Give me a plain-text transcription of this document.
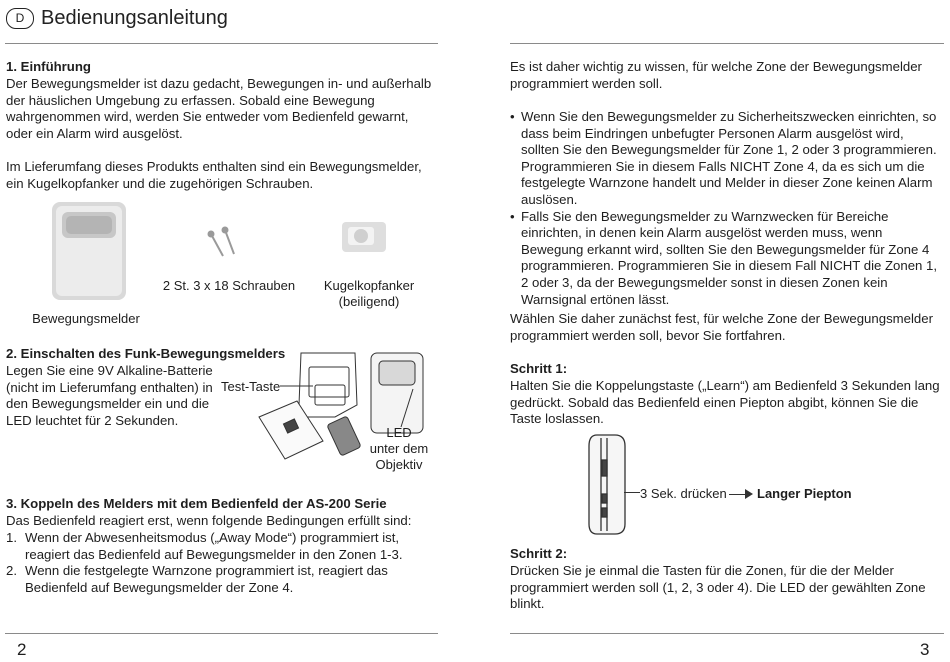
D Bedienungsanleitung
1. Einführung
Der Bewegungsmelder ist dazu gedacht, Bewegungen in- und außerhalb der häuslichen Umgebung zu erfassen. Sobald eine Bewegung wahrgenommen wird, werden Sie entweder vom Bedienfeld gewarnt, oder ein Alarm wird ausgelöst.
Im Lieferumfang dieses Produkts enthalten sind ein Bewegungsmelder, ein Kugelkopfanker und die zugehörigen Schrauben.
Bewegungsmelder
2 St. 3 x 18 Schrauben	Kugelkopfanker
(beiligend)
2. Einschalten des Funk-Bewegungsmelders
Legen Sie eine 9V Alkaline-Batterie
(nicht im Lieferumfang enthalten) in
den Bewegungsmelder ein und die
LED leuchtet für 2 Sekunden.
Test-Taste
LED
unter dem
Objektiv
3. Koppeln des Melders mit dem Bedienfeld der AS-200 Serie
Das Bedienfeld reagiert erst, wenn folgende Bedingungen erfüllt sind:
1. Wenn der Abwesenheitsmodus („Away Mode“) programmiert ist, reagiert das Bedienfeld auf Bewegungsmelder in den Zonen 1-3.
2. Wenn die festgelegte Warnzone programmiert ist, reagiert das Bedienfeld auf Bewegungsmelder der Zone 4.
2
Es ist daher wichtig zu wissen, für welche Zone der Bewegungsmelder programmiert werden soll.
• Wenn Sie den Bewegungsmelder zu Sicherheitszwecken einrichten, so dass beim Eindringen unbefugter Personen Alarm ausgelöst wird, sollten Sie den Bewegungsmelder für Zone 1, 2 oder 3 programmieren. Programmieren Sie in diesem Falls NICHT Zone 4, da es sich um die festgelegte Warnzone handelt und Melder in dieser Zone keinen Alarm auslösen.
• Falls Sie den Bewegungsmelder zu Warnzwecken für Bereiche einrichten, in denen kein Alarm ausgelöst werden muss, wenn Bewegung erkannt wird, sollten Sie den Bewegungsmelder für Zone 4 programmieren. Programmieren Sie in diesem Fall NICHT die Zonen 1, 2 oder 3, da der Bewegungsmelder sonst in diesen Zonen kein Warnsignal ertönen lässt.
Wählen Sie daher zunächst fest, für welche Zone der Bewegungsmelder programmiert werden soll, bevor Sie fortfahren.
Schritt 1:
Halten Sie die Koppelungstaste („Learn“) am Bedienfeld 3 Sekunden lang gedrückt. Sobald das Bedienfeld einen Piepton abgibt, können Sie die Taste loslassen.
3 Sek. drücken Langer Piepton
Schritt 2:
Drücken Sie je einmal die Tasten für die Zonen, für die der Melder programmiert werden soll (1, 2, 3 oder 4). Die LED der gewählten Zone blinkt.
3
